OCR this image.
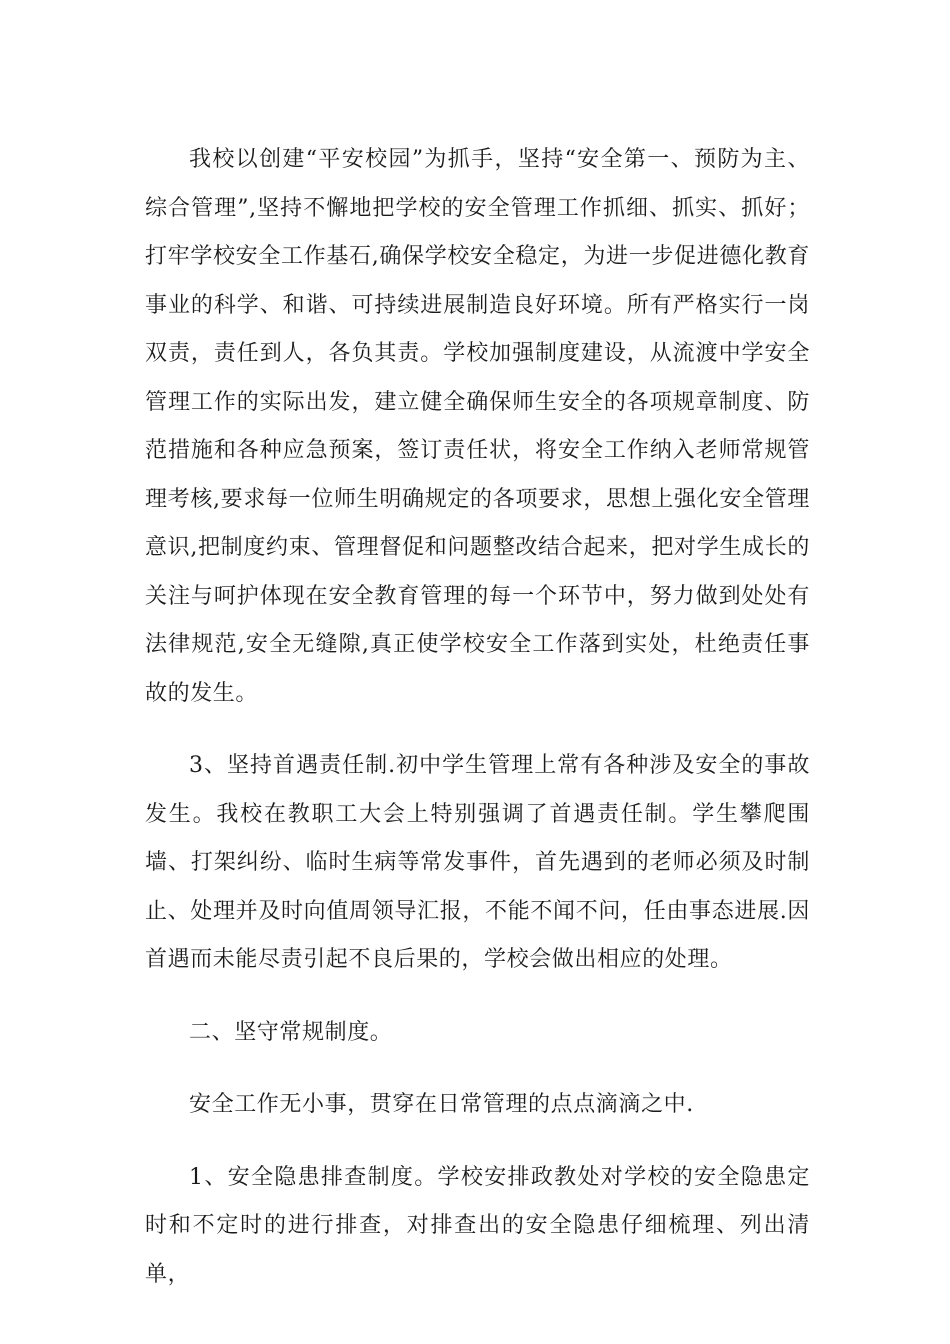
我校以创建“平安校园”为抓手，坚持“安全第一、预防为主、综合管理”,坚持不懈地把学校的安全管理工作抓细、抓实、抓好；打牢学校安全工作基石,确保学校安全稳定，为进一步促进德化教育事业的科学、和谐、可持续进展制造良好环境。所有严格实行一岗双责，责任到人，各负其责。学校加强制度建设，从流渡中学安全管理工作的实际出发，建立健全确保师生安全的各项规章制度、防范措施和各种应急预案，签订责任状，将安全工作纳入老师常规管理考核,要求每一位师生明确规定的各项要求，思想上强化安全管理意识,把制度约束、管理督促和问题整改结合起来，把对学生成长的关注与呵护体现在安全教育管理的每一个环节中，努力做到处处有法律规范,安全无缝隙,真正使学校安全工作落到实处，杜绝责任事故的发生。

3、坚持首遇责任制.初中学生管理上常有各种涉及安全的事故发生。我校在教职工大会上特别强调了首遇责任制。学生攀爬围墙、打架纠纷、临时生病等常发事件，首先遇到的老师必须及时制止、处理并及时向值周领导汇报，不能不闻不问，任由事态进展.因首遇而未能尽责引起不良后果的，学校会做出相应的处理。

二、坚守常规制度。

安全工作无小事，贯穿在日常管理的点点滴滴之中.

1、安全隐患排查制度。学校安排政教处对学校的安全隐患定时和不定时的进行排查，对排查出的安全隐患仔细梳理、列出清单，
